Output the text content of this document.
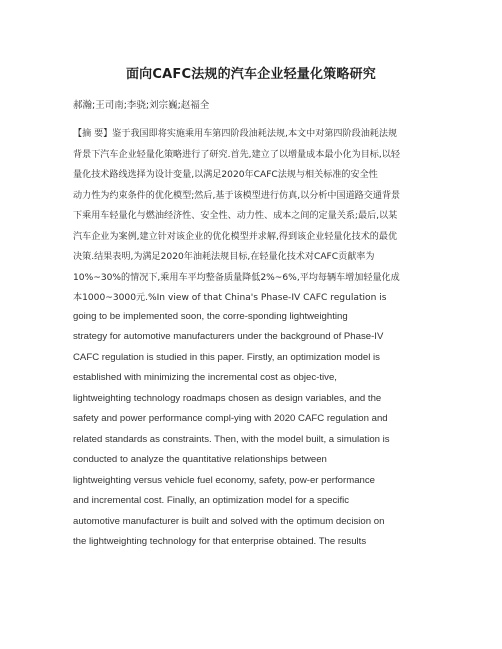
面向CAFC法规的汽车企业轻量化策略研究
郝瀚;王司南;李骁;刘宗巍;赵福全
【摘 要】鉴于我国即将实施乘用车第四阶段油耗法规,本文中对第四阶段油耗法规
背景下汽车企业轻量化策略进行了研究.首先,建立了以增量成本最小化为目标,以轻
量化技术路线选择为设计变量,以满足2020年CAFC法规与相关标准的安全性
动力性为约束条件的优化模型;然后,基于该模型进行仿真,以分析中国道路交通背景
下乘用车轻量化与燃油经济性、安全性、动力性、成本之间的定量关系;最后,以某
汽车企业为案例,建立针对该企业的优化模型并求解,得到该企业轻量化技术的最优
决策.结果表明,为满足2020年油耗法规目标,在轻量化技术对CAFC贡献率为
10%~30%的情况下,乘用车平均整备质量降低2%~6%,平均每辆车增加轻量化成
本1000~3000元.%In view of that China's Phase-IV CAFC regulation is
going to be implemented soon, the corre-sponding lightweighting
strategy for automotive manufacturers under the background of Phase-IV
CAFC regulation is studied in this paper. Firstly, an optimization model is
established with minimizing the incremental cost as objec-tive,
lightweighting technology roadmaps chosen as design variables, and the
safety and power performance compl-ying with 2020 CAFC regulation and
related standards as constraints. Then, with the model built, a simulation is
conducted to analyze the quantitative relationships between
lightweighting versus vehicle fuel economy, safety, pow-er performance
and incremental cost. Finally, an optimization model for a specific
automotive manufacturer is built and solved with the optimum decision on
the lightweighting technology for that enterprise obtained. The results
